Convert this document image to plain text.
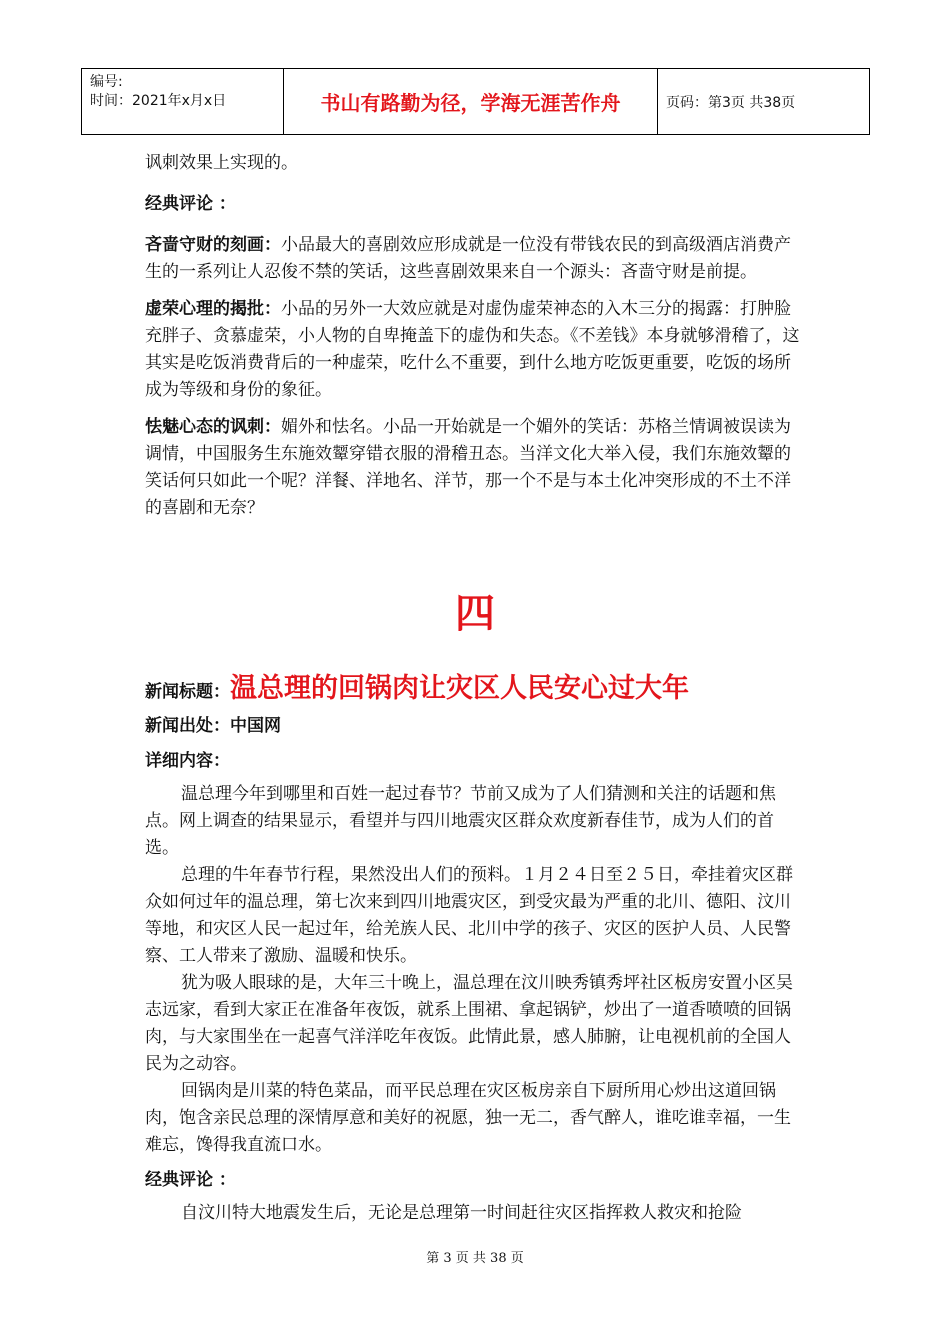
编号:
时间：2021年x月x日	书山有路勤为径，学海无涯苦作舟	页码：第3页 共38页

讽刺效果上实现的。

经典评论 ：

吝啬守财的刻画：小品最大的喜剧效应形成就是一位没有带钱农民的到高级酒店消费产生的一系列让人忍俊不禁的笑话，这些喜剧效果来自一个源头：吝啬守财是前提。

虚荣心理的揭批：小品的另外一大效应就是对虚伪虚荣神态的入木三分的揭露：打肿脸充胖子、贪慕虚荣，小人物的自卑掩盖下的虚伪和失态。《不差钱》本身就够滑稽了，这其实是吃饭消费背后的一种虚荣，吃什么不重要，到什么地方吃饭更重要，吃饭的场所成为等级和身份的象征。

怯魅心态的讽刺：媚外和怯名。小品一开始就是一个媚外的笑话：苏格兰情调被误读为调情，中国服务生东施效颦穿错衣服的滑稽丑态。当洋文化大举入侵，我们东施效颦的笑话何只如此一个呢？洋餐、洋地名、洋节，那一个不是与本土化冲突形成的不土不洋的喜剧和无奈？

四
新闻标题： 温总理的回锅肉让灾区人民安心过大年
新闻出处：中国网
详细内容：

温总理今年到哪里和百姓一起过春节？节前又成为了人们猜测和关注的话题和焦点。网上调查的结果显示，看望并与四川地震灾区群众欢度新春佳节，成为人们的首选。

总理的牛年春节行程，果然没出人们的预料。１月２４日至２５日，牵挂着灾区群众如何过年的温总理，第七次来到四川地震灾区，到受灾最为严重的北川、德阳、汶川等地，和灾区人民一起过年，给羌族人民、北川中学的孩子、灾区的医护人员、人民警察、工人带来了激励、温暖和快乐。

犹为吸人眼球的是，大年三十晚上，温总理在汶川映秀镇秀坪社区板房安置小区吴志远家，看到大家正在准备年夜饭，就系上围裙、拿起锅铲，炒出了一道香喷喷的回锅肉，与大家围坐在一起喜气洋洋吃年夜饭。此情此景，感人肺腑，让电视机前的全国人民为之动容。

回锅肉是川菜的特色菜品，而平民总理在灾区板房亲自下厨所用心炒出这道回锅肉，饱含亲民总理的深情厚意和美好的祝愿，独一无二，香气醉人，谁吃谁幸福，一生难忘，馋得我直流口水。

经典评论 ：

自汶川特大地震发生后，无论是总理第一时间赶往灾区指挥救人救灾和抢险

第 3 页 共 38 页
